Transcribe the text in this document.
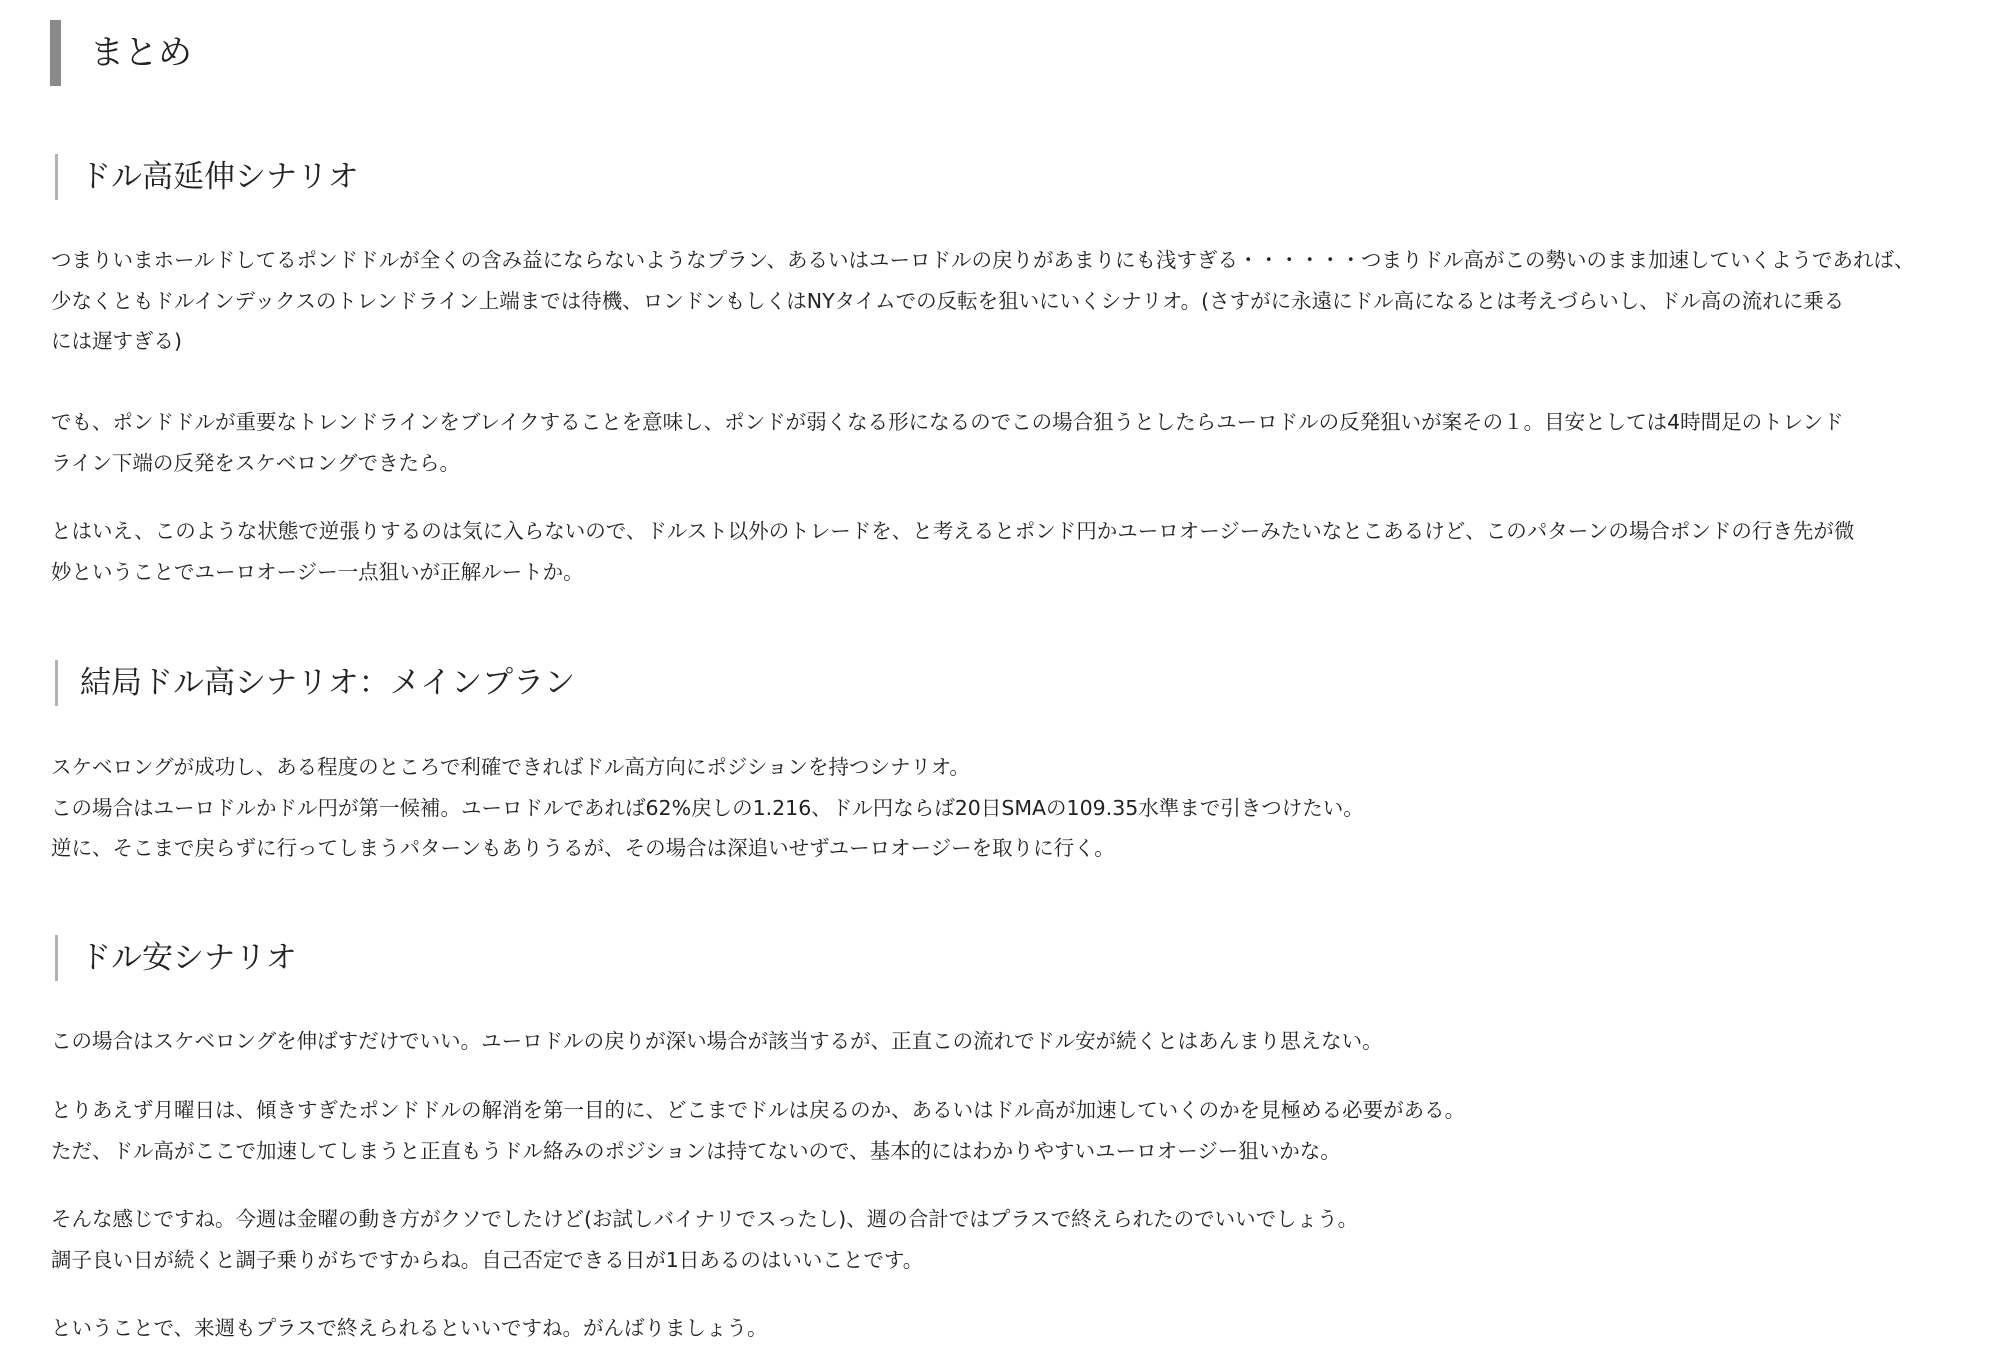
まとめ
ドル高延伸シナリオ

つまりいまホールドしてるポンドドルが全くの含み益にならないようなプラン、あるいはユーロドルの戻りがあまりにも浅すぎる・・・・・・つまりドル高がこの勢いのまま加速していくようであれば、
少なくともドルインデックスのトレンドライン上端までは待機、ロンドンもしくはNYタイムでの反転を狙いにいくシナリオ。(さすがに永遠にドル高になるとは考えづらいし、ドル高の流れに乗る
には遅すぎる)

でも、ポンドドルが重要なトレンドラインをブレイクすることを意味し、ポンドが弱くなる形になるのでこの場合狙うとしたらユーロドルの反発狙いが案その１。目安としては4時間足のトレンド
ライン下端の反発をスケベロングできたら。

とはいえ、このような状態で逆張りするのは気に入らないので、ドルスト以外のトレードを、と考えるとポンド円かユーロオージーみたいなとこあるけど、このパターンの場合ポンドの行き先が微
妙ということでユーロオージー一点狙いが正解ルートか。

結局ドル高シナリオ：メインプラン

スケベロングが成功し、ある程度のところで利確できればドル高方向にポジションを持つシナリオ。
この場合はユーロドルかドル円が第一候補。ユーロドルであれば62%戻しの1.216、ドル円ならば20日SMAの109.35水準まで引きつけたい。
逆に、そこまで戻らずに行ってしまうパターンもありうるが、その場合は深追いせずユーロオージーを取りに行く。

ドル安シナリオ

この場合はスケベロングを伸ばすだけでいい。ユーロドルの戻りが深い場合が該当するが、正直この流れでドル安が続くとはあんまり思えない。

とりあえず月曜日は、傾きすぎたポンドドルの解消を第一目的に、どこまでドルは戻るのか、あるいはドル高が加速していくのかを見極める必要がある。
ただ、ドル高がここで加速してしまうと正直もうドル絡みのポジションは持てないので、基本的にはわかりやすいユーロオージー狙いかな。

そんな感じですね。今週は金曜の動き方がクソでしたけど(お試しバイナリでスったし)、週の合計ではプラスで終えられたのでいいでしょう。
調子良い日が続くと調子乗りがちですからね。自己否定できる日が1日あるのはいいことです。

ということで、来週もプラスで終えられるといいですね。がんばりましょう。
